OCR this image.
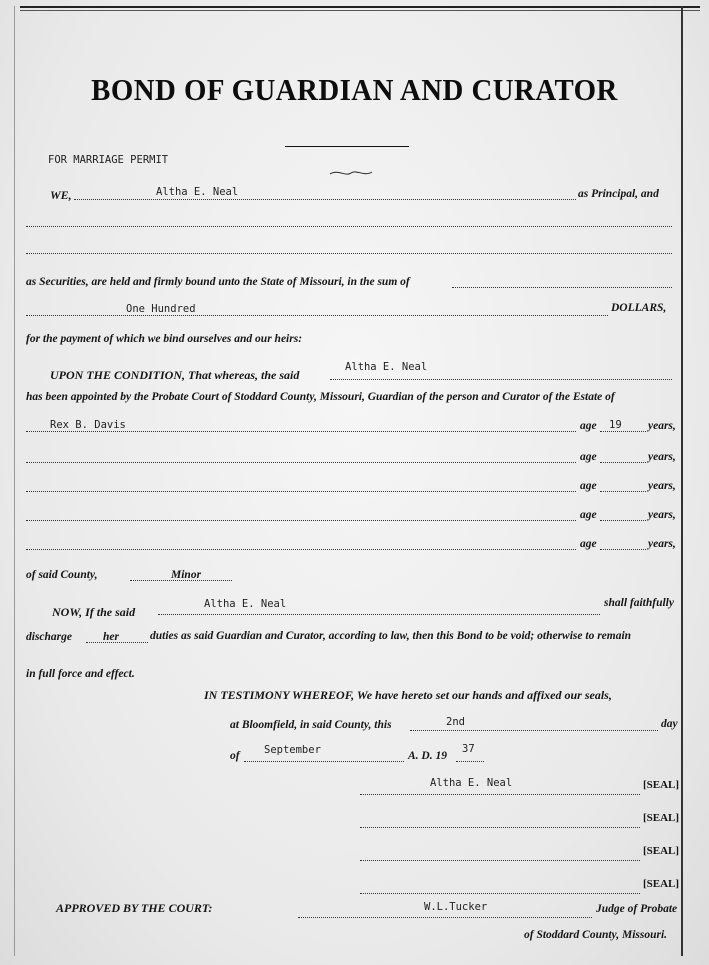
BOND OF GUARDIAN AND CURATOR
FOR MARRIAGE PERMIT
WE,	Altha E. Neal	as Principal, and
as Securities, are held and firmly bound unto the State of Missouri, in the sum of
One Hundred	DOLLARS,
for the payment of which we bind ourselves and our heirs:
UPON THE CONDITION, That whereas, the said
Altha E. Neal
has been appointed by the Probate Court of Stoddard County, Missouri, Guardian of the person and Curator of the Estate of
Rex B. Davis	age 19 years,
age	years,
age	years,
age	years,
age	years,
of said County,	Minor
NOW, If the said
Altha E. Neal	shall faithfully
discharge	her	duties as said Guardian and Curator, according to law, then this Bond to be void; otherwise to remain
in full force and effect.
IN TESTIMONY WHEREOF, We have hereto set our hands and affixed our seals,
at Bloomfield, in said County, this	2nd	day
of September	A. D. 19
37
Altha E. Neal	[SEAL]
[SEAL]
[SEAL]
[SEAL]
APPROVED BY THE COURT:	W.L.Tucker	Judge of Probate
of Stoddard County, Missouri.
